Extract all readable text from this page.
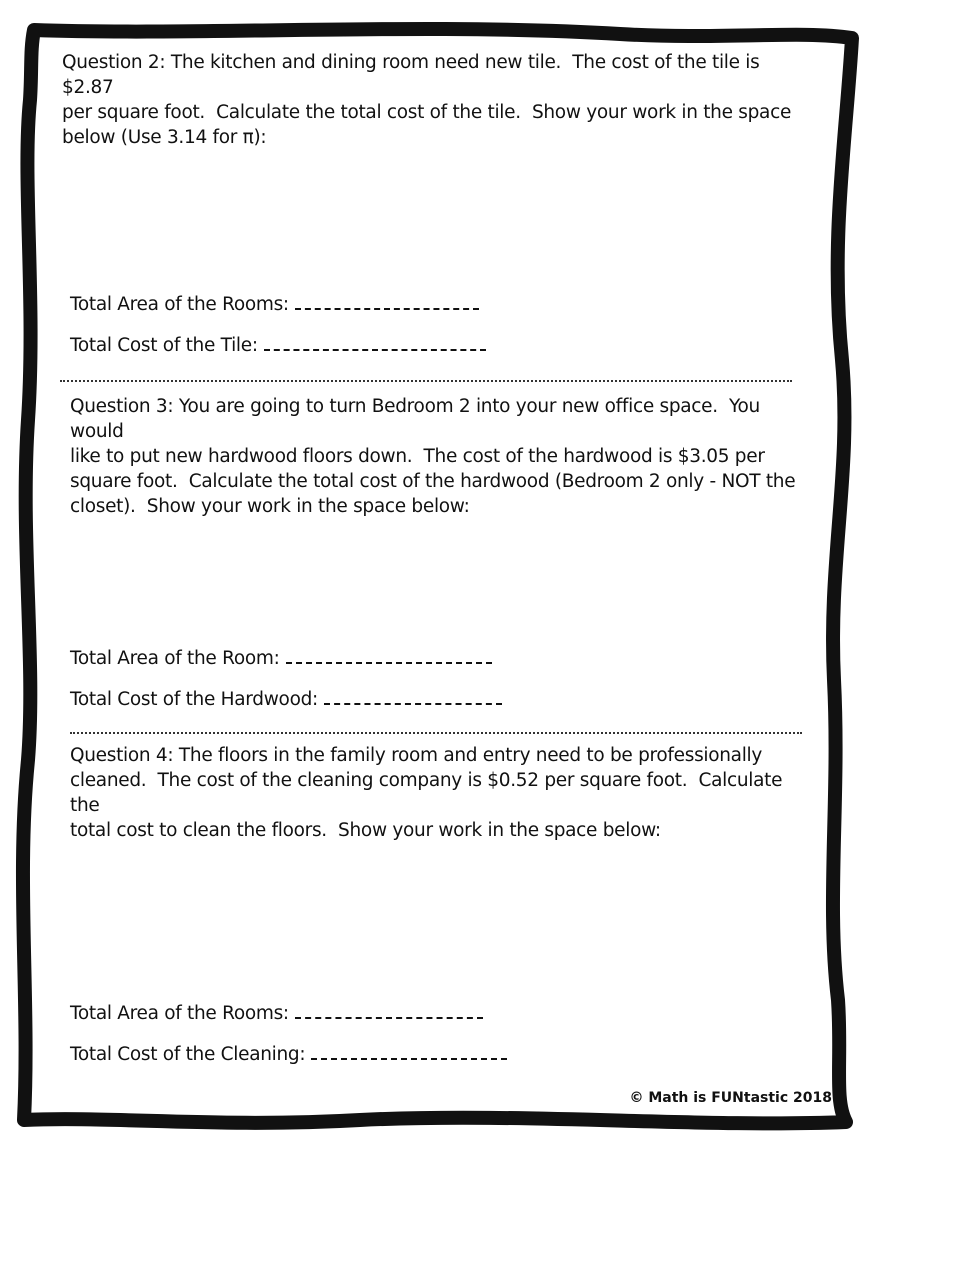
Question 2: The kitchen and dining room need new tile.  The cost of the tile is $2.87

per square foot.  Calculate the total cost of the tile.  Show your work in the space

below (Use 3.14 for π):

Total Area of the Rooms:
Total Cost of the Tile:

Question 3: You are going to turn Bedroom 2 into your new office space.  You would

like to put new hardwood floors down.  The cost of the hardwood is $3.05 per

square foot.  Calculate the total cost of the hardwood (Bedroom 2 only - NOT the

closet).  Show your work in the space below:

Total Area of the Room:
Total Cost of the Hardwood:

Question 4: The floors in the family room and entry need to be professionally

cleaned.  The cost of the cleaning company is $0.52 per square foot.  Calculate the

total cost to clean the floors.  Show your work in the space below:

Total Area of the Rooms:
Total Cost of the Cleaning:
© Math is FUNtastic 2018
